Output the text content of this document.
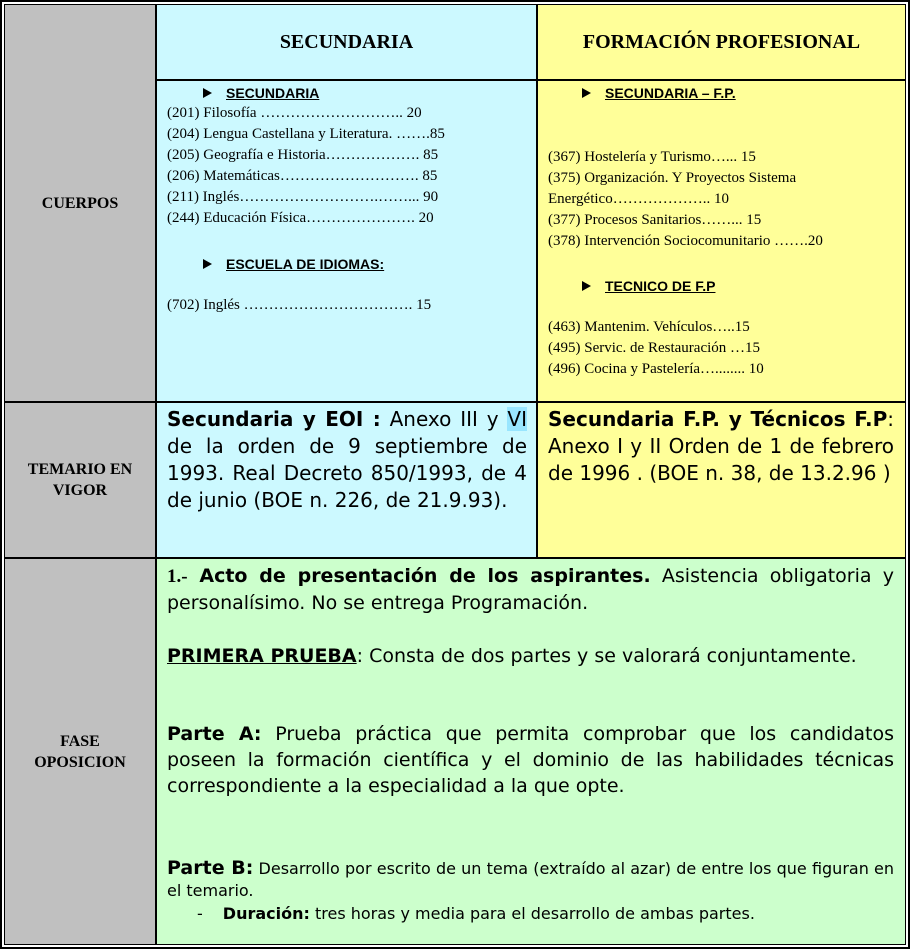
CUERPOS
TEMARIO EN VIGOR
FASE OPOSICION
SECUNDARIA	FORMACIÓN PROFESIONAL
SECUNDARIA
(201) Filosofía ……………………….. 20
(204) Lengua Castellana y Literatura. …….85
(205) Geografía e Historia………………. 85
(206) Matemáticas………………………. 85
(211) Inglés……………………….……... 90
(244) Educación Física…………………. 20
ESCUELA DE IDIOMAS:
(702) Inglés ……………………………. 15
SECUNDARIA – F.P.
(367) Hostelería y Turismo…... 15
(375) Organización. Y Proyectos Sistema
Energético……………….. 10
(377) Procesos Sanitarios……... 15
(378) Intervención Sociocomunitario …….20
TECNICO DE F.P
(463) Mantenim. Vehículos…..15
(495) Servic. de Restauración …15
(496) Cocina y Pastelería…........ 10
Secundaria y EOI : Anexo III y VI de la orden de 9 septiembre de 1993. Real Decreto 850/1993, de 4 de junio (BOE n. 226, de 21.9.93).
Secundaria F.P. y Técnicos F.P: Anexo I y II Orden de 1 de febrero de 1996 . (BOE n. 38, de 13.2.96 )
1.- Acto de presentación de los aspirantes. Asistencia obligatoria y personalísimo. No se entrega Programación.
PRIMERA PRUEBA: Consta de dos partes y se valorará conjuntamente.
Parte A: Prueba práctica que permita comprobar que los candidatos poseen la formación científica y el dominio de las habilidades técnicas correspondiente a la especialidad a la que opte.
Parte B: Desarrollo por escrito de un tema (extraído al azar) de entre los que figuran en el temario.
- Duración: tres horas y media para el desarrollo de ambas partes.
